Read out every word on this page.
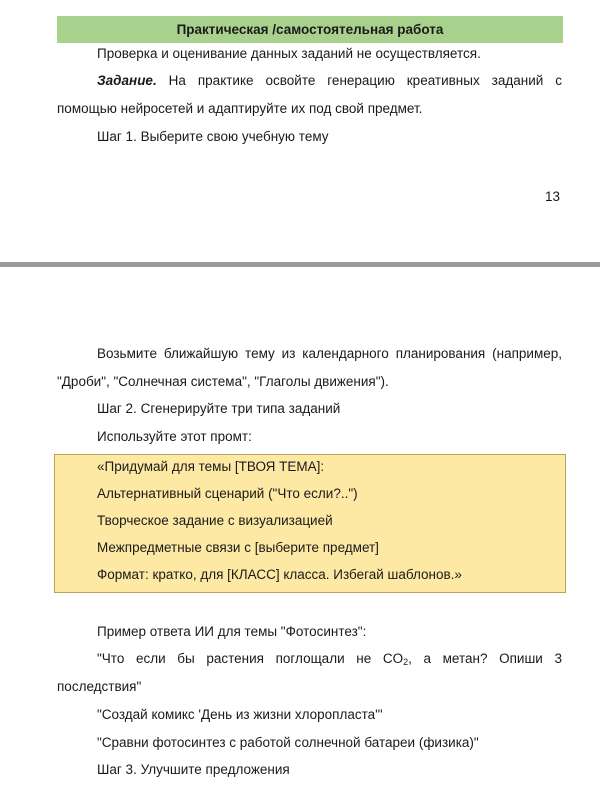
Практическая /самостоятельная работа
Проверка и оценивание данных заданий не осуществляется.
Задание. На практике освойте генерацию креативных заданий с
помощью нейросетей и адаптируйте их под свой предмет.
Шаг 1. Выберите свою учебную тему
13
Возьмите ближайшую тему из календарного планирования (например,
"Дроби", "Солнечная система", "Глаголы движения").
Шаг 2. Сгенерируйте три типа заданий
Используйте этот промт:
«Придумай для темы [ТВОЯ ТЕМА]:
Альтернативный сценарий ("Что если?..")
Творческое задание с визуализацией
Межпредметные связи с [выберите предмет]
Формат: кратко, для [КЛАСС] класса. Избегай шаблонов.»
Пример ответа ИИ для темы "Фотосинтез":
"Что если бы растения поглощали не $CO_2$, а метан? Опиши 3
последствия"
"Создай комикс 'День из жизни хлоропласта'"
"Сравни фотосинтез с работой солнечной батареи (физика)"
Шаг 3. Улучшите предложения
